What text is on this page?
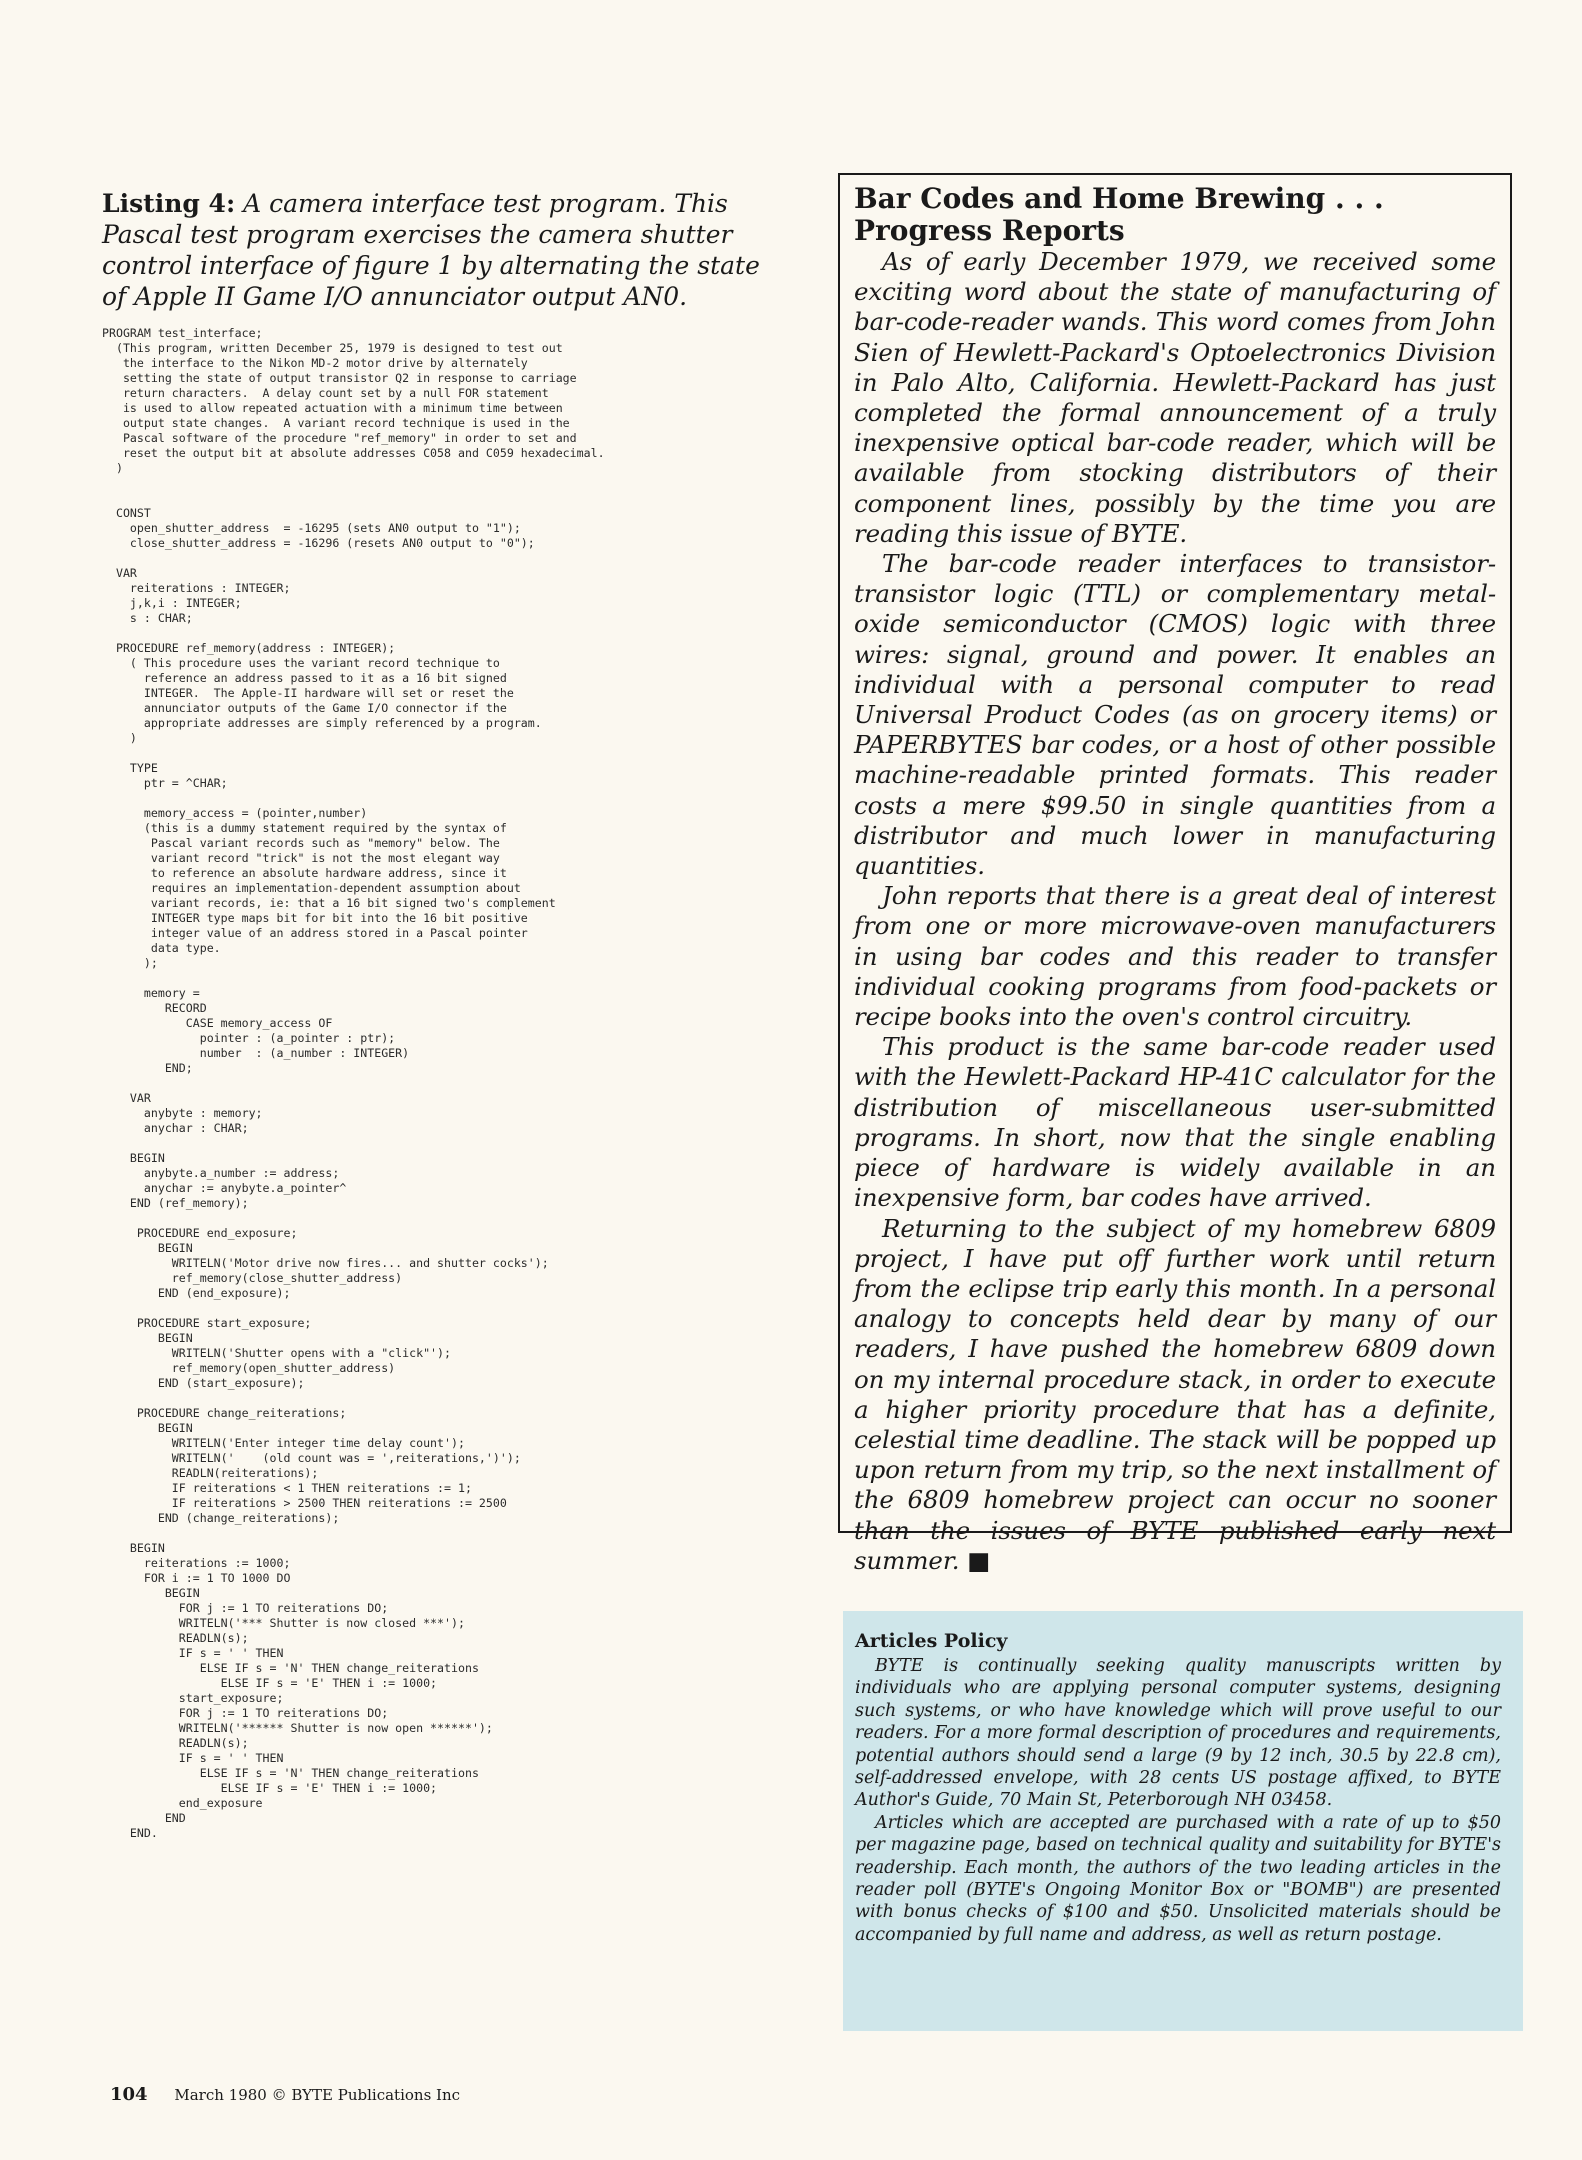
Listing 4: A camera interface test program. This Pascal test program exercises the camera shutter control interface of figure 1 by alternating the state of Apple II Game I/O annunciator output AN0.
PROGRAM test_interface;
(This program, written December 25, 1979 is designed to test out
the interface to the Nikon MD-2 motor drive by alternately
setting the state of output transistor Q2 in response to carriage
return characters.  A delay count set by a null FOR statement
is used to allow repeated actuation with a minimum time between
output state changes.  A variant record technique is used in the
Pascal software of the procedure "ref_memory" in order to set and
reset the output bit at absolute addresses C058 and C059 hexadecimal.
)

CONST
open_shutter_address  = -16295 (sets AN0 output to "1");
close_shutter_address = -16296 (resets AN0 output to "0");

VAR
reiterations : INTEGER;
j,k,i : INTEGER;
s : CHAR;

PROCEDURE ref_memory(address : INTEGER);
( This procedure uses the variant record technique to
reference an address passed to it as a 16 bit signed
INTEGER.  The Apple-II hardware will set or reset the
annunciator outputs of the Game I/O connector if the
appropriate addresses are simply referenced by a program.
)

TYPE
ptr = ^CHAR;

memory_access = (pointer,number)
(this is a dummy statement required by the syntax of
Pascal variant records such as "memory" below. The
variant record "trick" is not the most elegant way
to reference an absolute hardware address, since it
requires an implementation-dependent assumption about
variant records, ie: that a 16 bit signed two's complement
INTEGER type maps bit for bit into the 16 bit positive
integer value of an address stored in a Pascal pointer
data type.
);

memory =
RECORD
CASE memory_access OF
pointer : (a_pointer : ptr);
number  : (a_number : INTEGER)
END;

VAR
anybyte : memory;
anychar : CHAR;

BEGIN
anybyte.a_number := address;
anychar := anybyte.a_pointer^
END (ref_memory);

PROCEDURE end_exposure;
BEGIN
WRITELN('Motor drive now fires... and shutter cocks');
ref_memory(close_shutter_address)
END (end_exposure);

PROCEDURE start_exposure;
BEGIN
WRITELN('Shutter opens with a "click"');
ref_memory(open_shutter_address)
END (start_exposure);

PROCEDURE change_reiterations;
BEGIN
WRITELN('Enter integer time delay count');
WRITELN('    (old count was = ',reiterations,')');
READLN(reiterations);
IF reiterations < 1 THEN reiterations := 1;
IF reiterations > 2500 THEN reiterations := 2500
END (change_reiterations);

BEGIN
reiterations := 1000;
FOR i := 1 TO 1000 DO
BEGIN
FOR j := 1 TO reiterations DO;
WRITELN('*** Shutter is now closed ***');
READLN(s);
IF s = ' ' THEN
ELSE IF s = 'N' THEN change_reiterations
ELSE IF s = 'E' THEN i := 1000;
start_exposure;
FOR j := 1 TO reiterations DO;
WRITELN('****** Shutter is now open ******');
READLN(s);
IF s = ' ' THEN
ELSE IF s = 'N' THEN change_reiterations
ELSE IF s = 'E' THEN i := 1000;
end_exposure
END
END.
Bar Codes and Home Brewing . . .
Progress Reports

As of early December 1979, we received some exciting word about the state of manufacturing of bar-code-reader wands. This word comes from John Sien of Hewlett-Packard's Optoelectronics Division in Palo Alto, California. Hewlett-Packard has just completed the formal announcement of a truly inexpensive optical bar-code reader, which will be available from stocking distributors of their component lines, possibly by the time you are reading this issue of BYTE.

The bar-code reader interfaces to transistor-transistor logic (TTL) or complementary metal-oxide semiconductor (CMOS) logic with three wires: signal, ground and power. It enables an individual with a personal computer to read Universal Product Codes (as on grocery items) or PAPERBYTES bar codes, or a host of other possible machine-readable printed formats. This reader costs a mere $99.50 in single quantities from a distributor and much lower in manufacturing quantities.

John reports that there is a great deal of interest from one or more microwave-oven manufacturers in using bar codes and this reader to transfer individual cooking programs from food-packets or recipe books into the oven's control circuitry.

This product is the same bar-code reader used with the Hewlett-Packard HP-41C calculator for the distribution of miscellaneous user-submitted programs. In short, now that the single enabling piece of hardware is widely available in an inexpensive form, bar codes have arrived.

Returning to the subject of my homebrew 6809 project, I have put off further work until return from the eclipse trip early this month. In a personal analogy to concepts held dear by many of our readers, I have pushed the homebrew 6809 down on my internal procedure stack, in order to execute a higher priority procedure that has a definite, celestial time deadline. The stack will be popped up upon return from my trip, so the next installment of the 6809 homebrew project can occur no sooner than the issues of BYTE published early next summer. ■

Articles Policy

BYTE is continually seeking quality manuscripts written by individuals who are applying personal computer systems, designing such systems, or who have knowledge which will prove useful to our readers. For a more formal description of procedures and requirements, potential authors should send a large (9 by 12 inch, 30.5 by 22.8 cm), self-addressed envelope, with 28 cents US postage affixed, to BYTE Author's Guide, 70 Main St, Peterborough NH 03458.

Articles which are accepted are purchased with a rate of up to $50 per magazine page, based on technical quality and suitability for BYTE's readership. Each month, the authors of the two leading articles in the reader poll (BYTE's Ongoing Monitor Box or "BOMB") are presented with bonus checks of $100 and $50. Unsolicited materials should be accompanied by full name and address, as well as return postage.

104 March 1980 © BYTE Publications Inc
